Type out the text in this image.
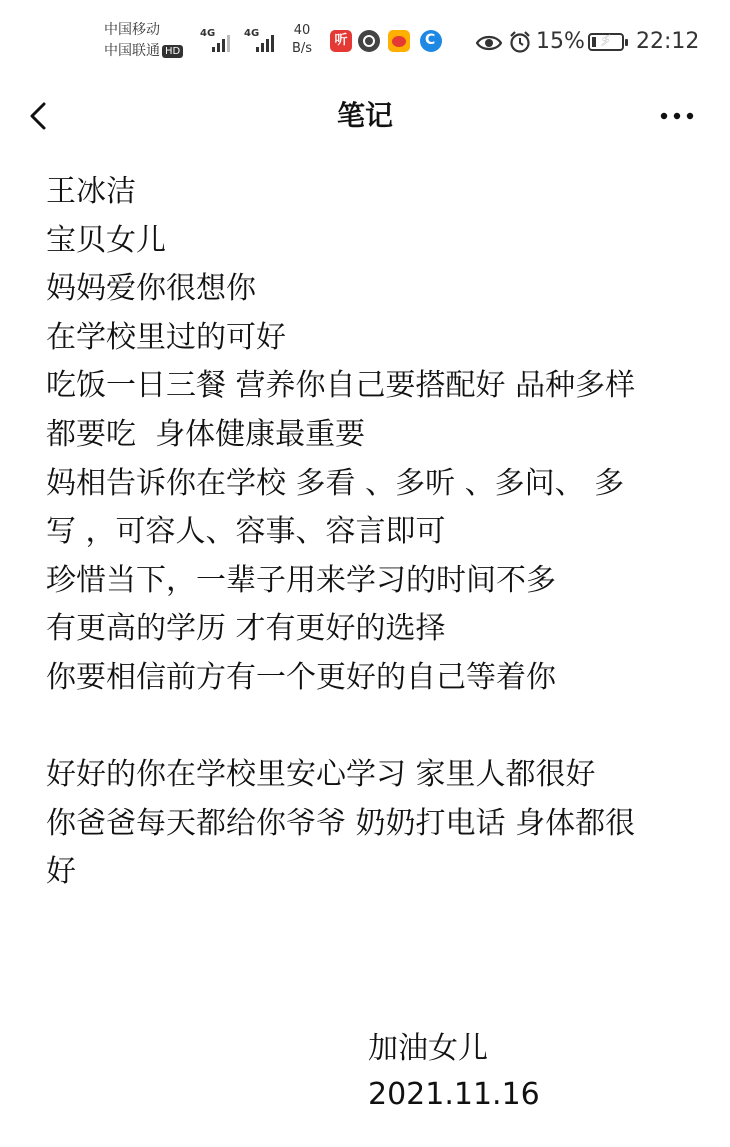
中国移动
中国联通 HD
4G	4G	40
B/s
听
C	15% ⚡ 22:12
笔记

王冰洁

宝贝女儿

妈妈爱你很想你

在学校里过的可好

吃饭一日三餐 营养你自己要搭配好 品种多样

都要吃  身体健康最重要

妈相告诉你在学校 多看 、多听 、多问、 多

写 ，可容人、容事、容言即可

珍惜当下，一辈子用来学习的时间不多

有更高的学历 才有更好的选择

你要相信前方有一个更好的自己等着你

好好的你在学校里安心学习 家里人都很好

你爸爸每天都给你爷爷 奶奶打电话 身体都很

好

加油女儿
2021.11.16
